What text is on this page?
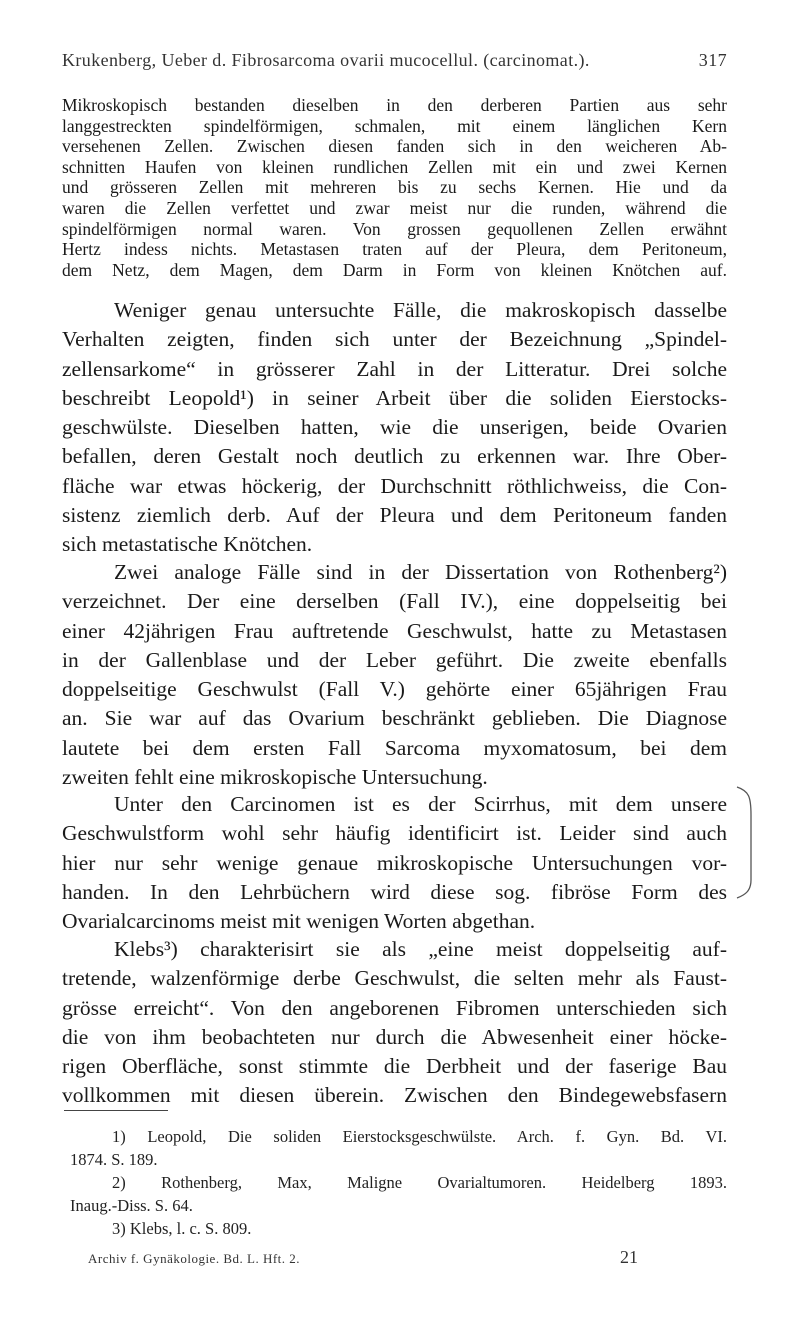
Krukenberg, Ueber d. Fibrosarcoma ovarii mucocellul. (carcinomat.).	317
Mikroskopisch bestanden dieselben in den derberen Partien aus sehr
langgestreckten spindelförmigen, schmalen, mit einem länglichen Kern
versehenen Zellen. Zwischen diesen fanden sich in den weicheren Ab-
schnitten Haufen von kleinen rundlichen Zellen mit ein und zwei Kernen
und grösseren Zellen mit mehreren bis zu sechs Kernen. Hie und da
waren die Zellen verfettet und zwar meist nur die runden, während die
spindelförmigen normal waren. Von grossen gequollenen Zellen erwähnt
Hertz indess nichts. Metastasen traten auf der Pleura, dem Peritoneum,
dem Netz, dem Magen, dem Darm in Form von kleinen Knötchen auf.
Weniger genau untersuchte Fälle, die makroskopisch dasselbe
Verhalten zeigten, finden sich unter der Bezeichnung „Spindel-
zellensarkome“ in grösserer Zahl in der Litteratur. Drei solche
beschreibt Leopold¹) in seiner Arbeit über die soliden Eierstocks-
geschwülste. Dieselben hatten, wie die unserigen, beide Ovarien
befallen, deren Gestalt noch deutlich zu erkennen war. Ihre Ober-
fläche war etwas höckerig, der Durchschnitt röthlichweiss, die Con-
sistenz ziemlich derb. Auf der Pleura und dem Peritoneum fanden
sich metastatische Knötchen.
Zwei analoge Fälle sind in der Dissertation von Rothenberg²)
verzeichnet. Der eine derselben (Fall IV.), eine doppelseitig bei
einer 42jährigen Frau auftretende Geschwulst, hatte zu Metastasen
in der Gallenblase und der Leber geführt. Die zweite ebenfalls
doppelseitige Geschwulst (Fall V.) gehörte einer 65jährigen Frau
an. Sie war auf das Ovarium beschränkt geblieben. Die Diagnose
lautete bei dem ersten Fall Sarcoma myxomatosum, bei dem
zweiten fehlt eine mikroskopische Untersuchung.
Unter den Carcinomen ist es der Scirrhus, mit dem unsere
Geschwulstform wohl sehr häufig identificirt ist. Leider sind auch
hier nur sehr wenige genaue mikroskopische Untersuchungen vor-
handen. In den Lehrbüchern wird diese sog. fibröse Form des
Ovarialcarcinoms meist mit wenigen Worten abgethan.
Klebs³) charakterisirt sie als „eine meist doppelseitig auf-
tretende, walzenförmige derbe Geschwulst, die selten mehr als Faust-
grösse erreicht“. Von den angeborenen Fibromen unterschieden sich
die von ihm beobachteten nur durch die Abwesenheit einer höcke-
rigen Oberfläche, sonst stimmte die Derbheit und der faserige Bau
vollkommen mit diesen überein. Zwischen den Bindegewebsfasern
1) Leopold, Die soliden Eierstocksgeschwülste. Arch. f. Gyn. Bd. VI.
1874. S. 189.
2) Rothenberg, Max, Maligne Ovarialtumoren. Heidelberg 1893.
Inaug.-Diss. S. 64.
3) Klebs, l. c. S. 809.
Archiv f. Gynäkologie. Bd. L. Hft. 2.	21
